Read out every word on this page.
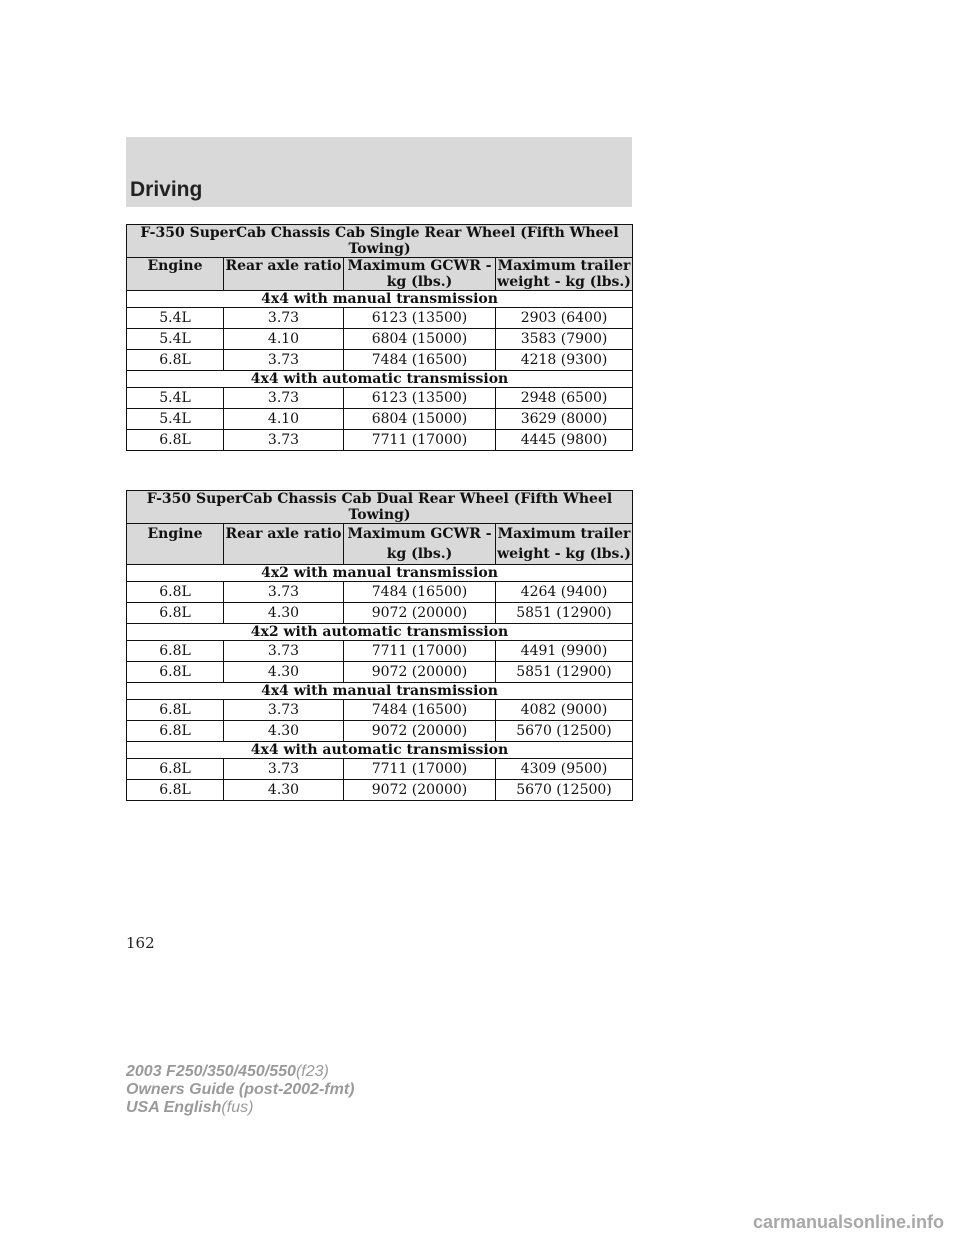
Driving
F-350 SuperCab Chassis Cab Single Rear Wheel (Fifth Wheel Towing)			
Engine	Rear axle ratio	Maximum GCWR - kg (lbs.)	Maximum trailer weight - kg (lbs.)
4x4 with manual transmission			
5.4L	3.73	6123 (13500)	2903 (6400)
5.4L	4.10	6804 (15000)	3583 (7900)
6.8L	3.73	7484 (16500)	4218 (9300)
4x4 with automatic transmission			
5.4L	3.73	6123 (13500)	2948 (6500)
5.4L	4.10	6804 (15000)	3629 (8000)
6.8L	3.73	7711 (17000)	4445 (9800)
F-350 SuperCab Chassis Cab Dual Rear Wheel (Fifth Wheel Towing)			
Engine	Rear axle ratio	Maximum GCWR - kg (lbs.)	Maximum trailer weight - kg (lbs.)
4x2 with manual transmission			
6.8L	3.73	7484 (16500)	4264 (9400)
6.8L	4.30	9072 (20000)	5851 (12900)
4x2 with automatic transmission			
6.8L	3.73	7711 (17000)	4491 (9900)
6.8L	4.30	9072 (20000)	5851 (12900)
4x4 with manual transmission			
6.8L	3.73	7484 (16500)	4082 (9000)
6.8L	4.30	9072 (20000)	5670 (12500)
4x4 with automatic transmission			
6.8L	3.73	7711 (17000)	4309 (9500)
6.8L	4.30	9072 (20000)	5670 (12500)
162
2003 F250/350/450/550(f23)
Owners Guide (post-2002-fmt)
USA English(fus)
carmanualsonline.info
